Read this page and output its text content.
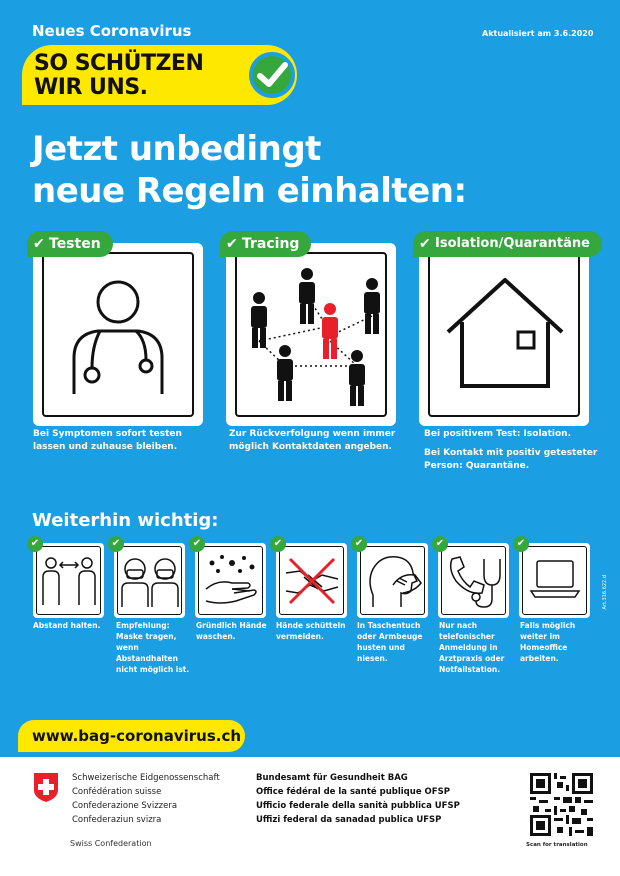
Neues Coronavirus	Aktualisiert am 3.6.2020
SO SCHÜTZEN
WIR UNS.
Jetzt unbedingt
neue Regeln einhalten:
✔ Testen
Bei Symptomen sofort testen lassen und zuhause bleiben.
✔ Tracing
Zur Rückverfolgung wenn immer möglich Kontaktdaten angeben.
✔ Isolation/Quarantäne
Bei positivem Test: Isolation.
Bei Kontakt mit positiv getesteter Person: Quarantäne.
Weiterhin wichtig:
✔
Abstand halten.
✔
Empfehlung: Maske tragen, wenn Abstandhalten nicht möglich ist.
✔
Gründlich Hände waschen.
✔
Hände schütteln vermeiden.
✔
In Taschentuch oder Armbeuge husten und niesen.
✔
Nur nach telefonischer Anmeldung in Arztpraxis oder Notfallstation.
✔
Falls möglich weiter im Homeoffice arbeiten.
Art.316.622.d
www.bag-coronavirus.ch
Schweizerische Eidgenossenschaft
Confédération suisse
Confederazione Svizzera
Confederaziun svizra
Swiss Confederation
Bundesamt für Gesundheit BAG
Office fédéral de la santé publique OFSP
Ufficio federale della sanità pubblica UFSP
Uffizi federal da sanadad publica UFSP
Scan for translation
